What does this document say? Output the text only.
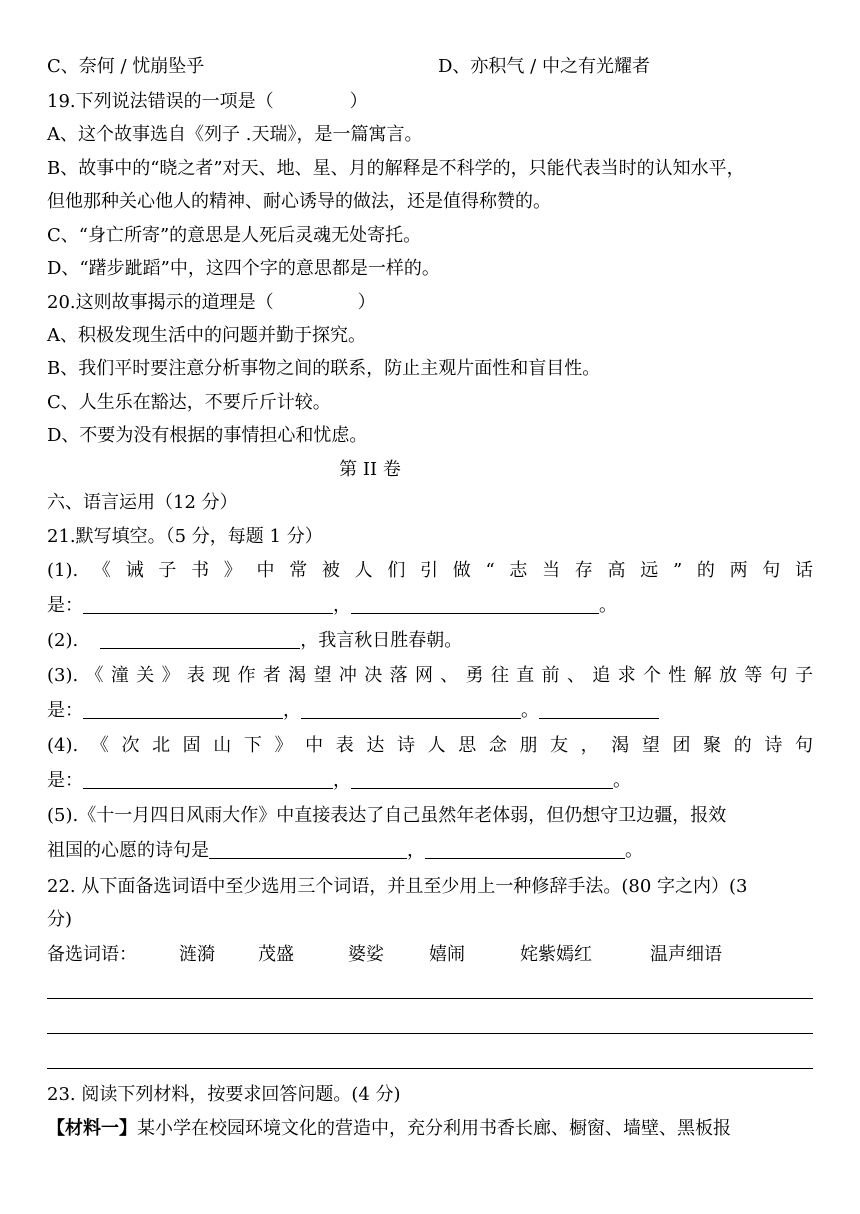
C、奈何 / 忧崩坠乎	D、亦积气 / 中之有光耀者
19.下列说法错误的一项是（	）
A、这个故事选自《列子 .天瑞》，是一篇寓言。
B、故事中的“晓之者”对天、地、星、月的解释是不科学的，只能代表当时的认知水平，
但他那种关心他人的精神、耐心诱导的做法，还是值得称赞的。
C、“身亡所寄”的意思是人死后灵魂无处寄托。
D、“躇步跐蹈”中，这四个字的意思都是一样的。
20.这则故事揭示的道理是（	）
A、积极发现生活中的问题并勤于探究。
B、我们平时要注意分析事物之间的联系，防止主观片面性和盲目性。
C、人生乐在豁达，不要斤斤计较。
D、不要为没有根据的事情担心和忧虑。
第 II 卷
六、语言运用（12 分）
21.默写填空。（5 分，每题 1 分）
(1).《诫子书》中常被人们引做“志当存高远”的两句话
是：	，	。
(2).	，我言秋日胜春朝。
(3).《潼关》表现作者渴望冲决落网、勇往直前、追求个性解放等句子
是：	，	。
(4).《次北固山下》中表达诗人思念朋友，渴望团聚的诗句
是：	，	。
(5).《十一月四日风雨大作》中直接表达了自己虽然年老体弱，但仍想守卫边疆，报效
祖国的心愿的诗句是	，	。
22. 从下面备选词语中至少选用三个词语，并且至少用上一种修辞手法。(80 字之内）(3
分)
备选词语： 涟漪 茂盛	婆娑	嬉闹	姹紫嫣红	温声细语
23. 阅读下列材料，按要求回答问题。(4 分)
【材料一】某小学在校园环境文化的营造中，充分利用书香长廊、橱窗、墙壁、黑板报
